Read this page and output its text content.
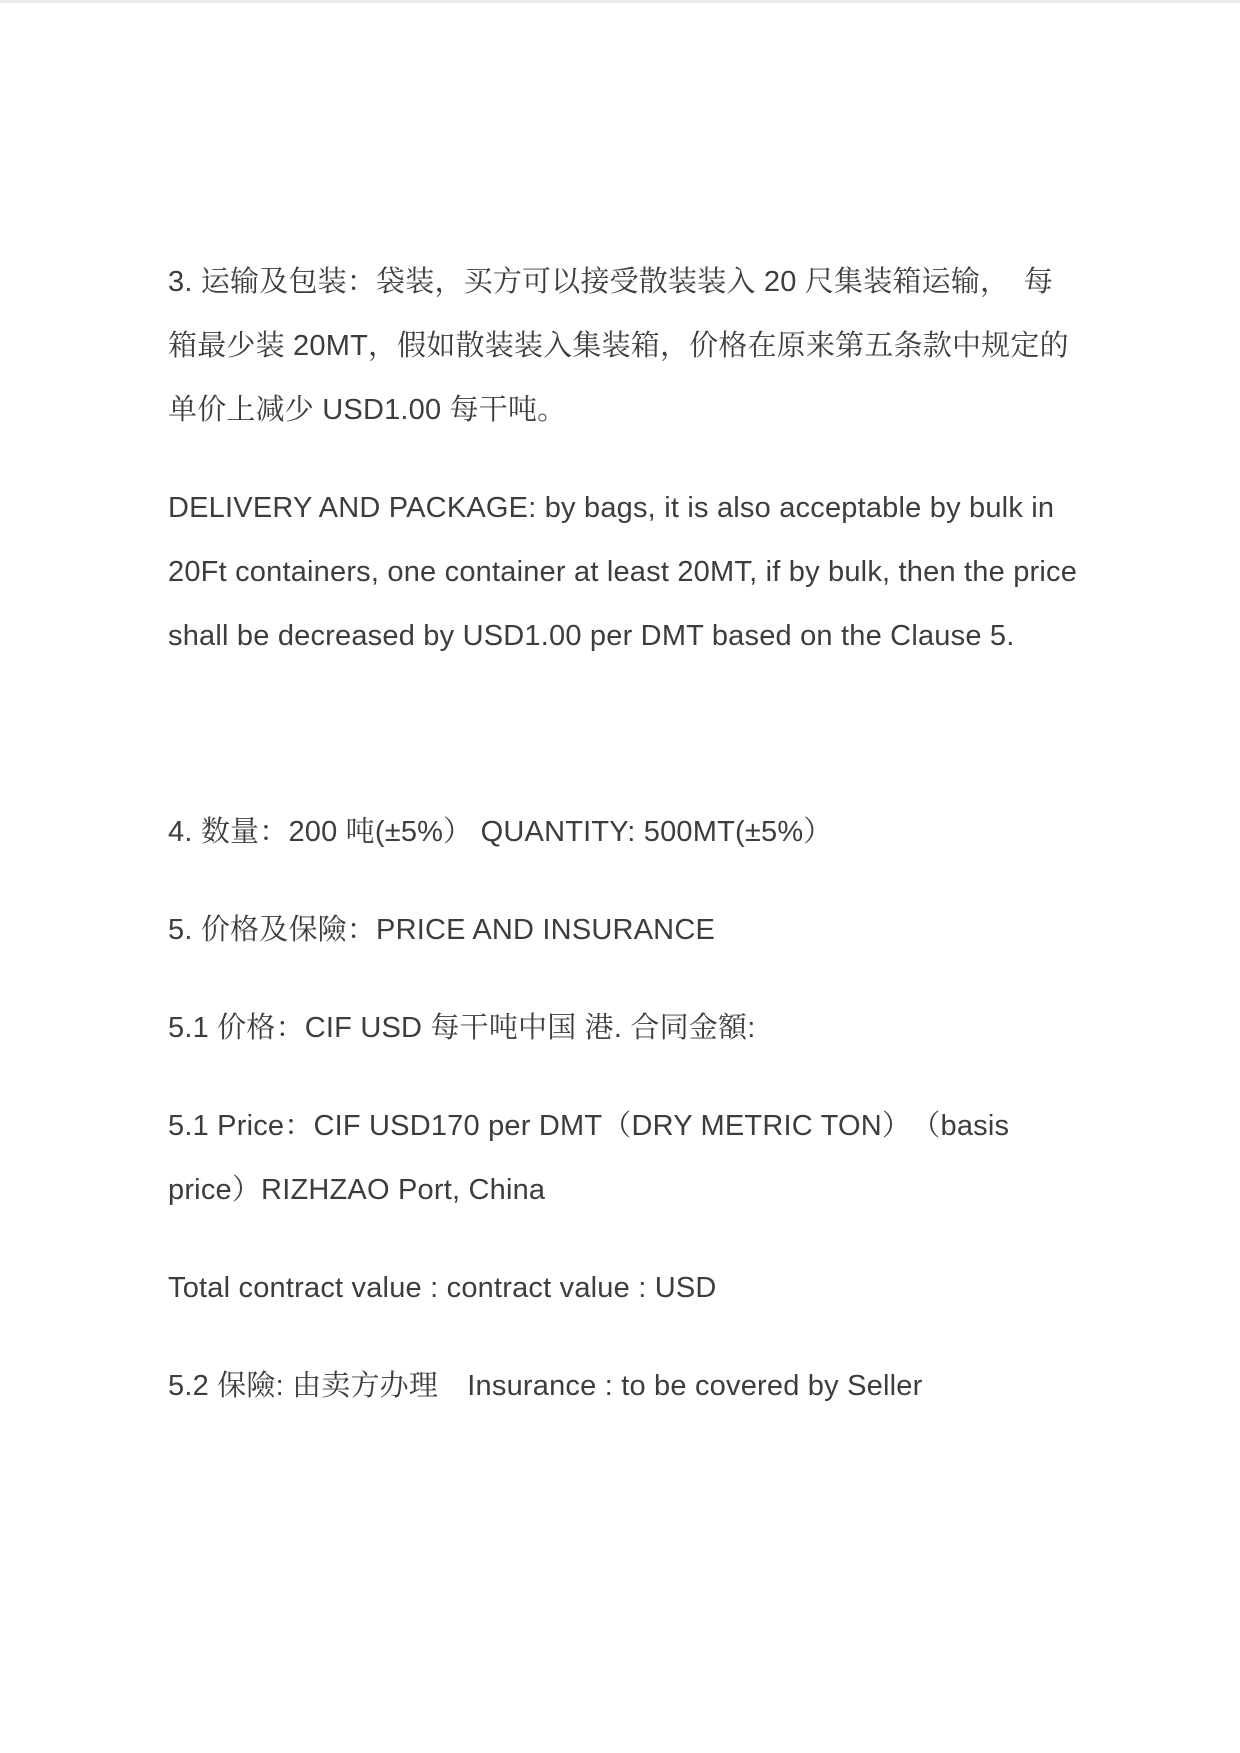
3. 运输及包装：袋装，买方可以接受散装装入 20 尺集装箱运输，　每箱最少装 20MT，假如散装装入集装箱，价格在原来第五条款中规定的单价上减少 USD1.00 每干吨。

DELIVERY AND PACKAGE: by bags, it is also acceptable by bulk in 20Ft containers, one container at least 20MT, if by bulk, then the price shall be decreased by USD1.00 per DMT based on the Clause 5.

4. 数量：200 吨(±5%） QUANTITY: 500MT(±5%）

5. 价格及保險：PRICE AND INSURANCE

5.1 价格：CIF USD 每干吨中国 港. 合同金額:

5.1 Price：CIF USD170 per DMT（DRY METRIC TON）　（basis price）RIZHZAO Port, China

Total contract value : contract value : USD

5.2 保險: 由卖方办理　Insurance : to be covered by Seller
